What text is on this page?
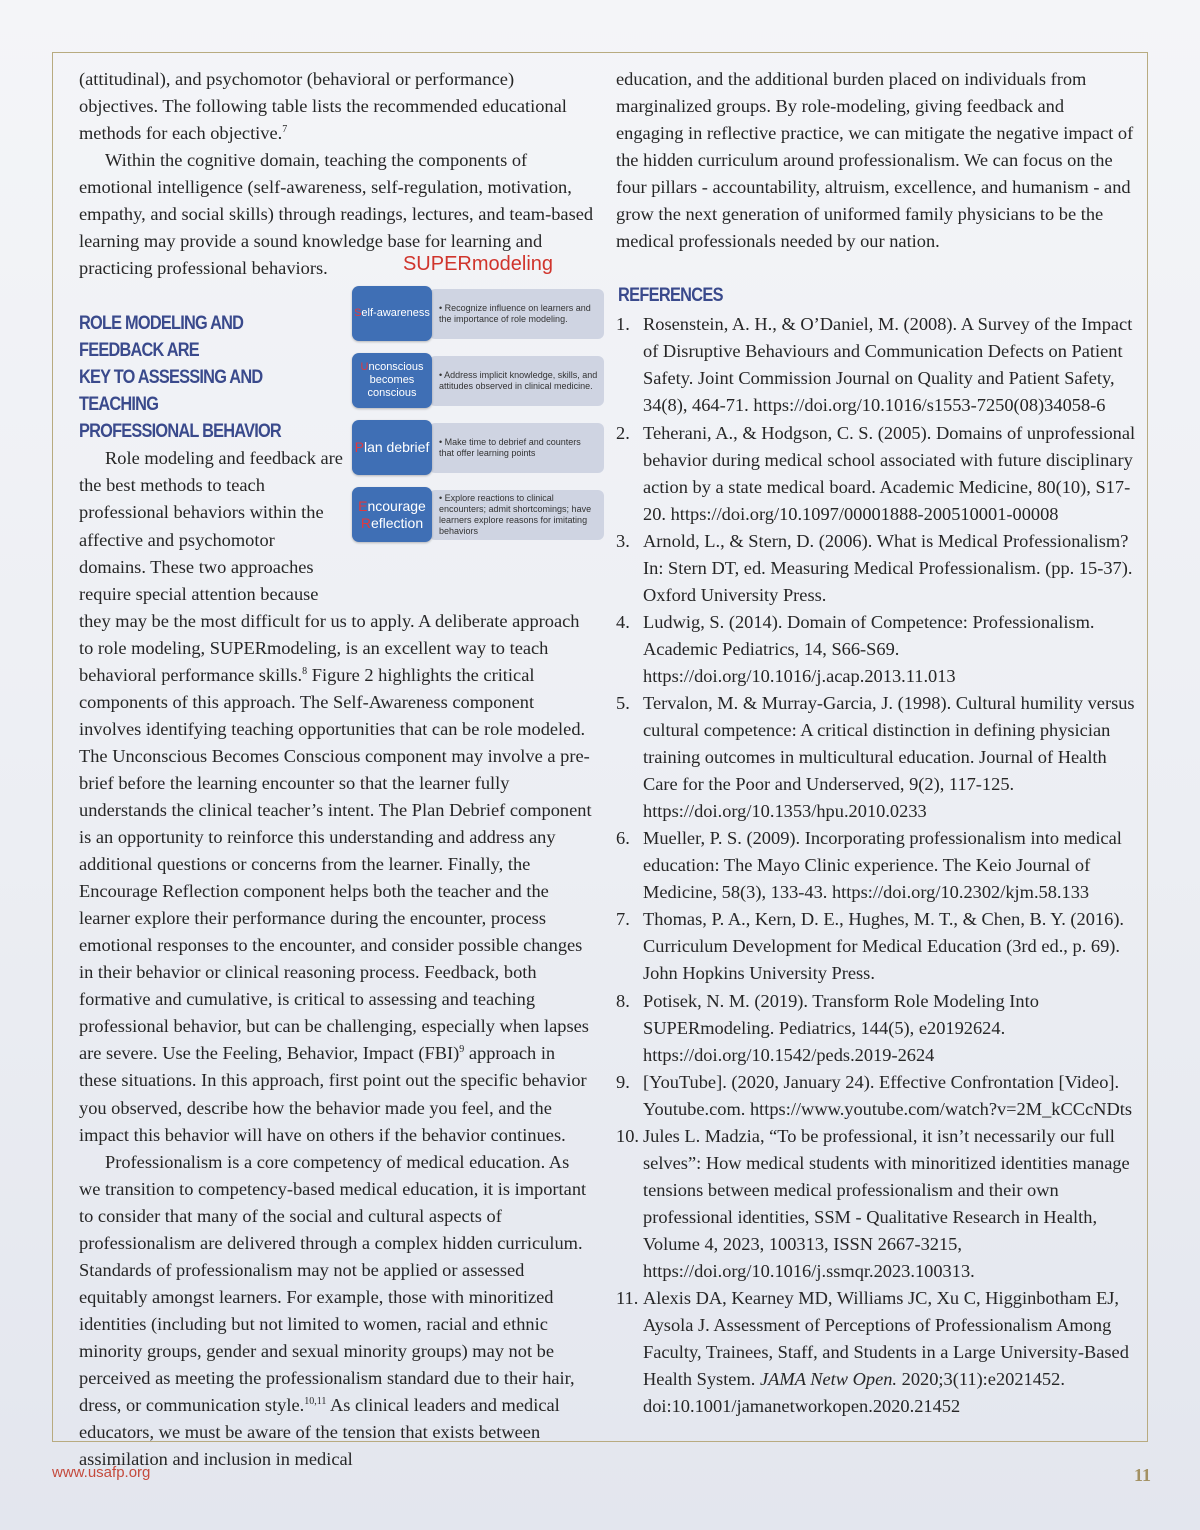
(attitudinal), and psychomotor (behavioral or performance) objectives. The following table lists the recommended educational methods for each objective.$^7$

Within the cognitive domain, teaching the components of emotional intelligence (self-awareness, self-regulation, motivation, empathy, and social skills) through readings, lectures, and team-based learning may provide a sound knowledge base for learning and practicing professional behaviors.	SUPERmodeling
Self-awareness	• Recognize influence on learners and the importance of role modeling.
Unconscious becomes conscious
• Address implicit knowledge, skills, and attitudes observed in clinical medicine.
Plan debrief	• Make time to debrief and counters that offer learning points
Encourage
Reflection
• Explore reactions to clinical encounters; admit shortcomings; have learners explore reasons for imitating behaviors

ROLE MODELING AND FEEDBACK ARE

KEY TO ASSESSING AND TEACHING

PROFESSIONAL BEHAVIOR

Role modeling and feedback are the best methods to teach professional behaviors within the affective and psychomotor domains. These two approaches require special attention because they may be the most difficult for us to apply. A deliberate approach to role modeling, SUPERmodeling, is an excellent way to teach behavioral performance skills.$^8$ Figure 2 highlights the critical components of this approach. The Self-Awareness component involves identifying teaching opportunities that can be role modeled. The Unconscious Becomes Conscious component may involve a pre-brief before the learning encounter so that the learner fully understands the clinical teacher’s intent. The Plan Debrief component is an opportunity to reinforce this understanding and address any additional questions or concerns from the learner. Finally, the Encourage Reflection component helps both the teacher and the learner explore their performance during the encounter, process emotional responses to the encounter, and consider possible changes in their behavior or clinical reasoning process. Feedback, both formative and cumulative, is critical to assessing and teaching professional behavior, but can be challenging, especially when lapses are severe. Use the Feeling, Behavior, Impact (FBI)$^9$ approach in these situations. In this approach, first point out the specific behavior you observed, describe how the behavior made you feel, and the impact this behavior will have on others if the behavior continues.

Professionalism is a core competency of medical education. As we transition to competency-based medical education, it is important to consider that many of the social and cultural aspects of professionalism are delivered through a complex hidden curriculum. Standards of professionalism may not be applied or assessed equitably amongst learners. For example, those with minoritized identities (including but not limited to women, racial and ethnic minority groups, gender and sexual minority groups) may not be perceived as meeting the professionalism standard due to their hair, dress, or communication style.$^{10,11}$ As clinical leaders and medical educators, we must be aware of the tension that exists between assimilation and inclusion in medical

education, and the additional burden placed on individuals from marginalized groups. By role-modeling, giving feedback and engaging in reflective practice, we can mitigate the negative impact of the hidden curriculum around professionalism. We can focus on the four pillars - accountability, altruism, excellence, and humanism - and grow the next generation of uniformed family physicians to be the medical professionals needed by our nation.

REFERENCES

1. Rosenstein, A. H., & O’Daniel, M. (2008). A Survey of the Impact of Disruptive Behaviours and Communication Defects on Patient Safety. Joint Commission Journal on Quality and Patient Safety, 34(8), 464-71. https://doi.org/10.1016/s1553-7250(08)34058-6
2. Teherani, A., & Hodgson, C. S. (2005). Domains of unprofessional behavior during medical school associated with future disciplinary action by a state medical board. Academic Medicine, 80(10), S17-20. https://doi.org/10.1097/00001888-200510001-00008
3. Arnold, L., & Stern, D. (2006). What is Medical Professionalism? In: Stern DT, ed. Measuring Medical Professionalism. (pp. 15-37). Oxford University Press.
4. Ludwig, S. (2014). Domain of Competence: Professionalism. Academic Pediatrics, 14, S66-S69. https://doi.org/10.1016/j.acap.2013.11.013
5. Tervalon, M. & Murray-Garcia, J. (1998). Cultural humility versus cultural competence: A critical distinction in defining physician training outcomes in multicultural education. Journal of Health Care for the Poor and Underserved, 9(2), 117-125. https://doi.org/10.1353/hpu.2010.0233
6. Mueller, P. S. (2009). Incorporating professionalism into medical education: The Mayo Clinic experience. The Keio Journal of Medicine, 58(3), 133-43. https://doi.org/10.2302/kjm.58.133
7. Thomas, P. A., Kern, D. E., Hughes, M. T., & Chen, B. Y. (2016). Curriculum Development for Medical Education (3rd ed., p. 69). John Hopkins University Press.
8. Potisek, N. M. (2019). Transform Role Modeling Into SUPERmodeling. Pediatrics, 144(5), e20192624. https://doi.org/10.1542/peds.2019-2624
9. [YouTube]. (2020, January 24). Effective Confrontation [Video]. Youtube.com. https://www.youtube.com/watch?v=2M_kCCcNDts
10. Jules L. Madzia, “To be professional, it isn’t necessarily our full selves”: How medical students with minoritized identities manage tensions between medical professionalism and their own professional identities, SSM - Qualitative Research in Health, Volume 4, 2023, 100313, ISSN 2667-3215, https://doi.org/10.1016/j.ssmqr.2023.100313.
11. Alexis DA, Kearney MD, Williams JC, Xu C, Higginbotham EJ, Aysola J. Assessment of Perceptions of Professionalism Among Faculty, Trainees, Staff, and Students in a Large University-Based Health System. JAMA Netw Open. 2020;3(11):e2021452. doi:10.1001/jamanetworkopen.2020.21452
www.usafp.org	11
